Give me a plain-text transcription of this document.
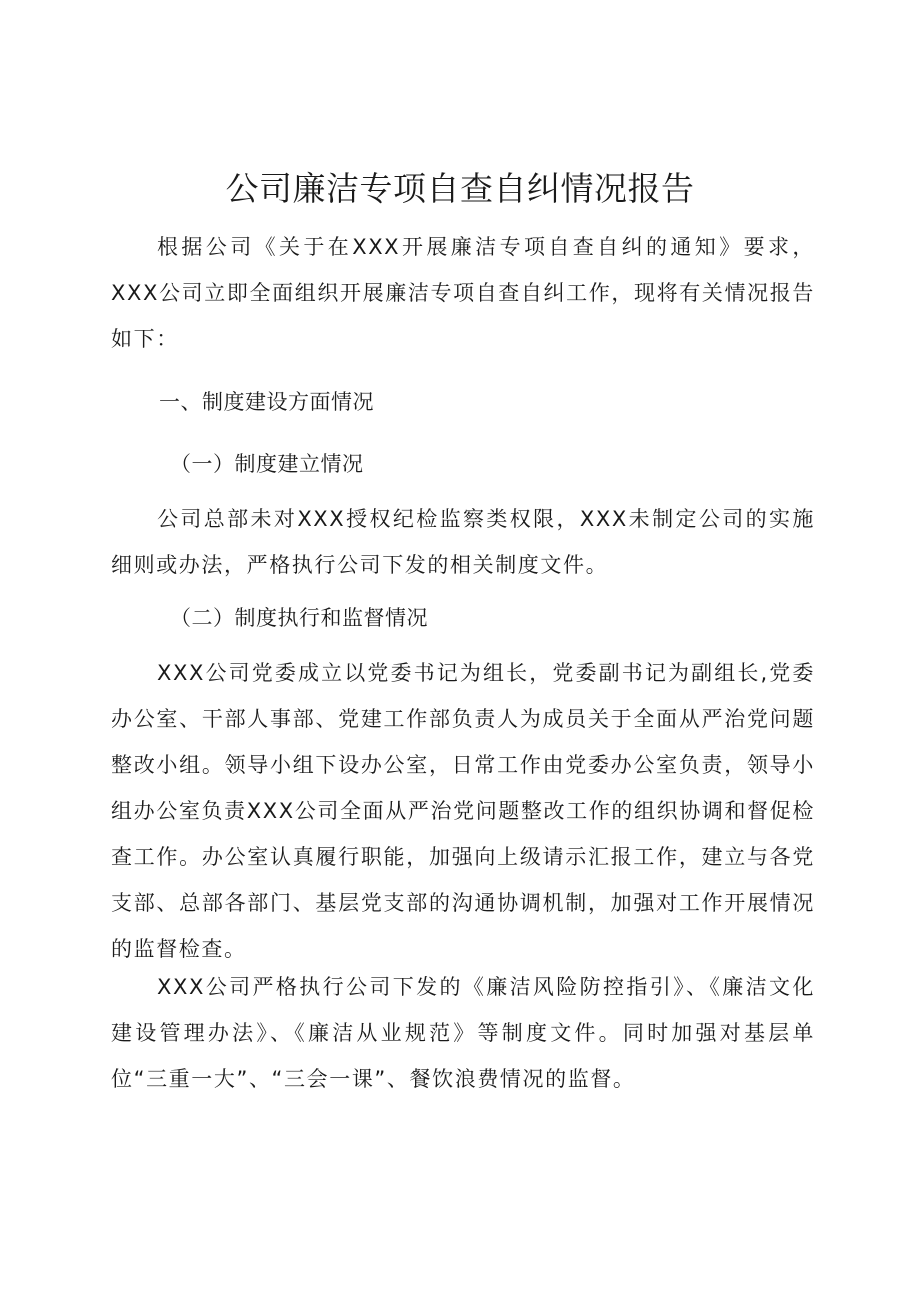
公司廉洁专项自查自纠情况报告

根据公司《关于在XXX开展廉洁专项自查自纠的通知》要求，XXX公司立即全面组织开展廉洁专项自查自纠工作，现将有关情况报告如下：

一、制度建设方面情况
（一）制度建立情况

公司总部未对XXX授权纪检监察类权限，XXX未制定公司的实施细则或办法，严格执行公司下发的相关制度文件。

（二）制度执行和监督情况

XXX公司党委成立以党委书记为组长，党委副书记为副组长,党委办公室、干部人事部、党建工作部负责人为成员关于全面从严治党问题整改小组。领导小组下设办公室，日常工作由党委办公室负责，领导小组办公室负责XXX公司全面从严治党问题整改工作的组织协调和督促检查工作。办公室认真履行职能，加强向上级请示汇报工作，建立与各党支部、总部各部门、基层党支部的沟通协调机制，加强对工作开展情况的监督检查。

XXX公司严格执行公司下发的《廉洁风险防控指引》、《廉洁文化建设管理办法》、《廉洁从业规范》等制度文件。同时加强对基层单位“三重一大”、“三会一课”、餐饮浪费情况的监督。
